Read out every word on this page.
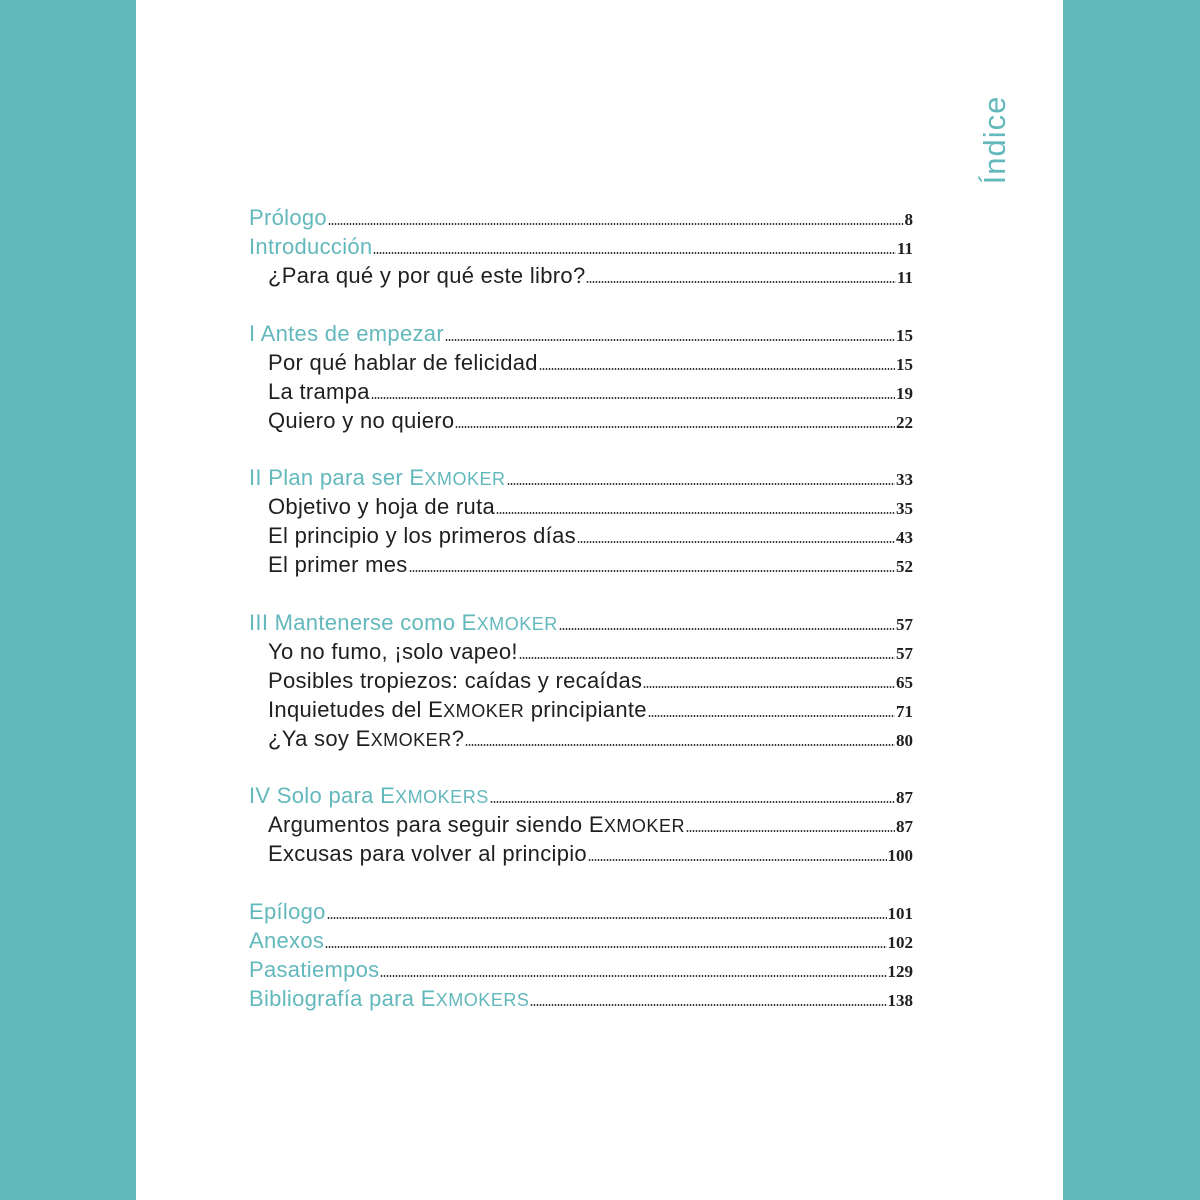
Índice
Prólogo	8
Introducción	11
¿Para qué y por qué este libro?	11
I Antes de empezar	15
Por qué hablar de felicidad	15
La trampa	19
Quiero y no quiero	22
II Plan para ser EXMOKER	33
Objetivo y hoja de ruta	35
El principio y los primeros días	43
El primer mes	52
III Mantenerse como EXMOKER	57
Yo no fumo, ¡solo vapeo!	57
Posibles tropiezos: caídas y recaídas	65
Inquietudes del EXMOKER principiante	71
¿Ya soy EXMOKER?	80
IV Solo para EXMOKERS	87
Argumentos para seguir siendo EXMOKER	87
Excusas para volver al principio	100
Epílogo	101
Anexos	102
Pasatiempos	129
Bibliografía para EXMOKERS	138
